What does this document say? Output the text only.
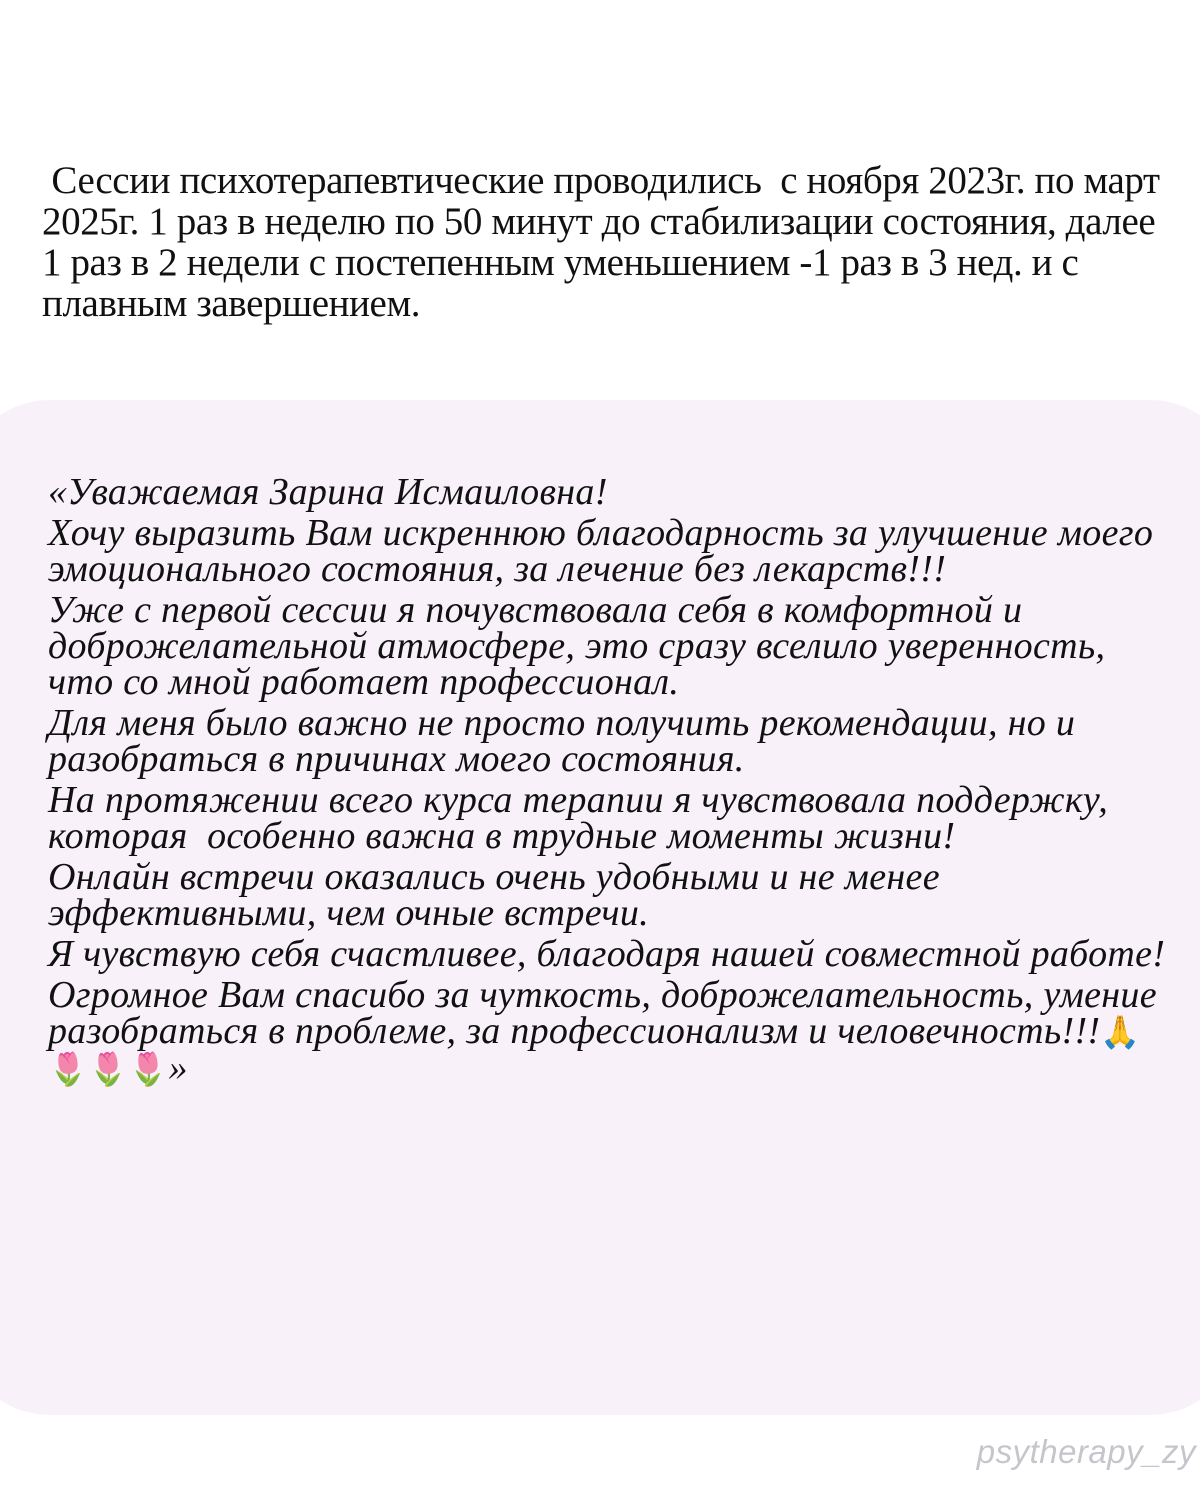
Сессии психотерапевтические проводились  с ноября 2023г. по март 2025г. 1 раз в неделю по 50 минут до стабилизации состояния, далее 1 раз в 2 недели с постепенным уменьшением -1 раз в 3 нед. и с плавным завершением.

«Уважаемая Зарина Исмаиловна!

Хочу выразить Вам искреннюю благодарность за улучшение моего эмоционального состояния, за лечение без лекарств!!!

Уже с первой сессии я почувствовала себя в комфортной и доброжелательной атмосфере, это сразу вселило уверенность, что со мной работает профессионал.

Для меня было важно не просто получить рекомендации, но и разобраться в причинах моего состояния.

На протяжении всего курса терапии я чувствовала поддержку, которая  особенно важна в трудные моменты жизни!

Онлайн встречи оказались очень удобными и не менее эффективными, чем очные встречи.

Я чувствую себя счастливее, благодаря нашей совместной работе!

Огромное Вам спасибо за чуткость, доброжелательность, умение разобраться в проблеме, за профессионализм и человечность!!!🙏🌷🌷🌷»

psytherapy_zy
